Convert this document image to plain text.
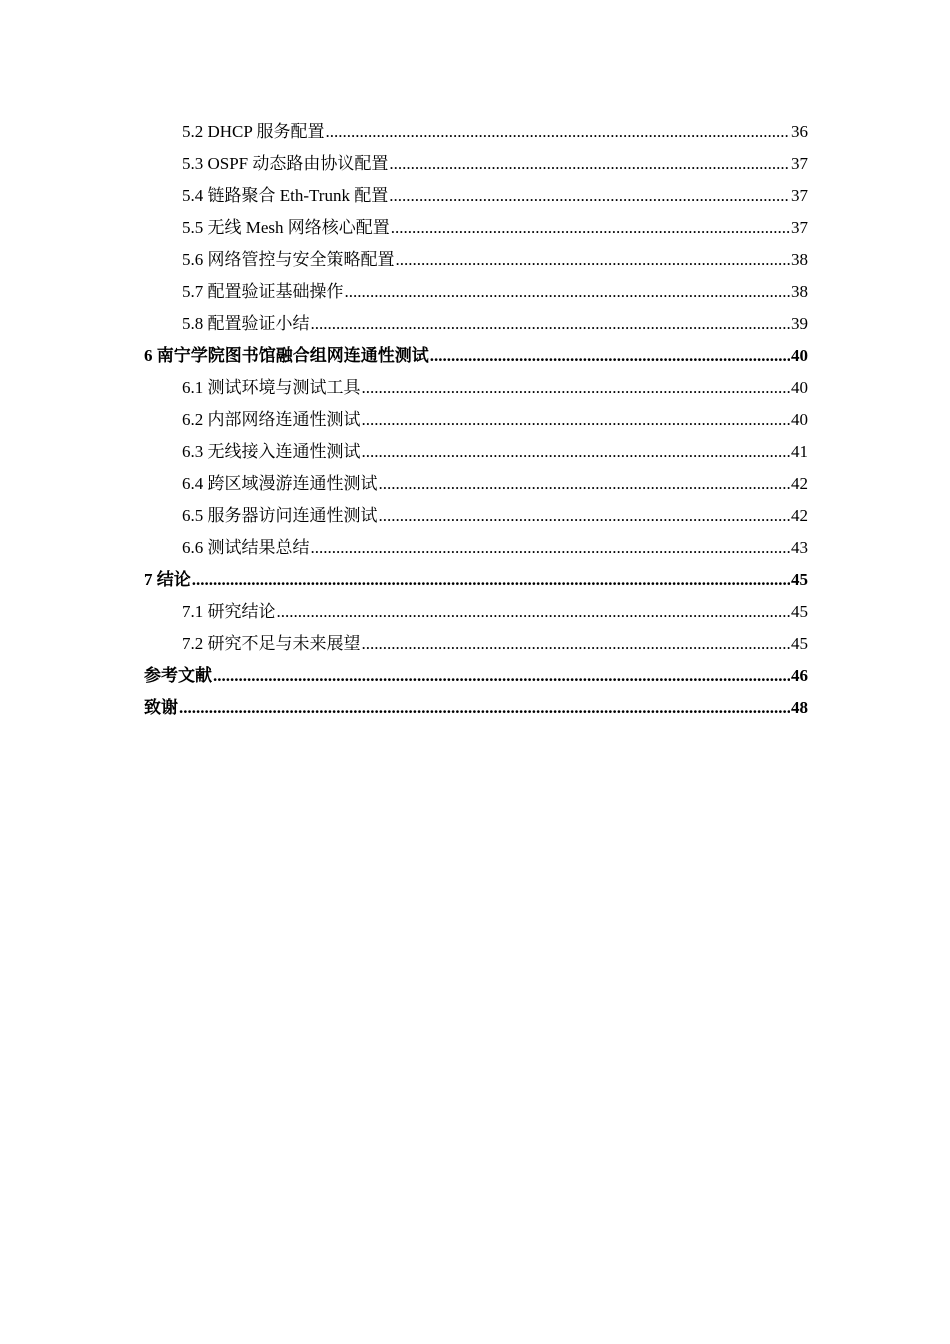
5.2 DHCP 服务配置 .....	36
5.3 OSPF 动态路由协议配置 .....	37
5.4 链路聚合 Eth-Trunk 配置 .....	37
5.5 无线 Mesh 网络核心配置 .....	37
5.6 网络管控与安全策略配置 .....	38
5.7 配置验证基础操作 .....	38
5.8 配置验证小结 .....	39
6 南宁学院图书馆融合组网连通性测试 .....	40
6.1 测试环境与测试工具 .....	40
6.2 内部网络连通性测试 .....	40
6.3 无线接入连通性测试 .....	41
6.4 跨区域漫游连通性测试 .....	42
6.5 服务器访问连通性测试 .....	42
6.6 测试结果总结 .....	43
7 结论 .....	45
7.1 研究结论 .....	45
7.2 研究不足与未来展望 .....	45
参考文献 .....	46
致谢 .....	48
